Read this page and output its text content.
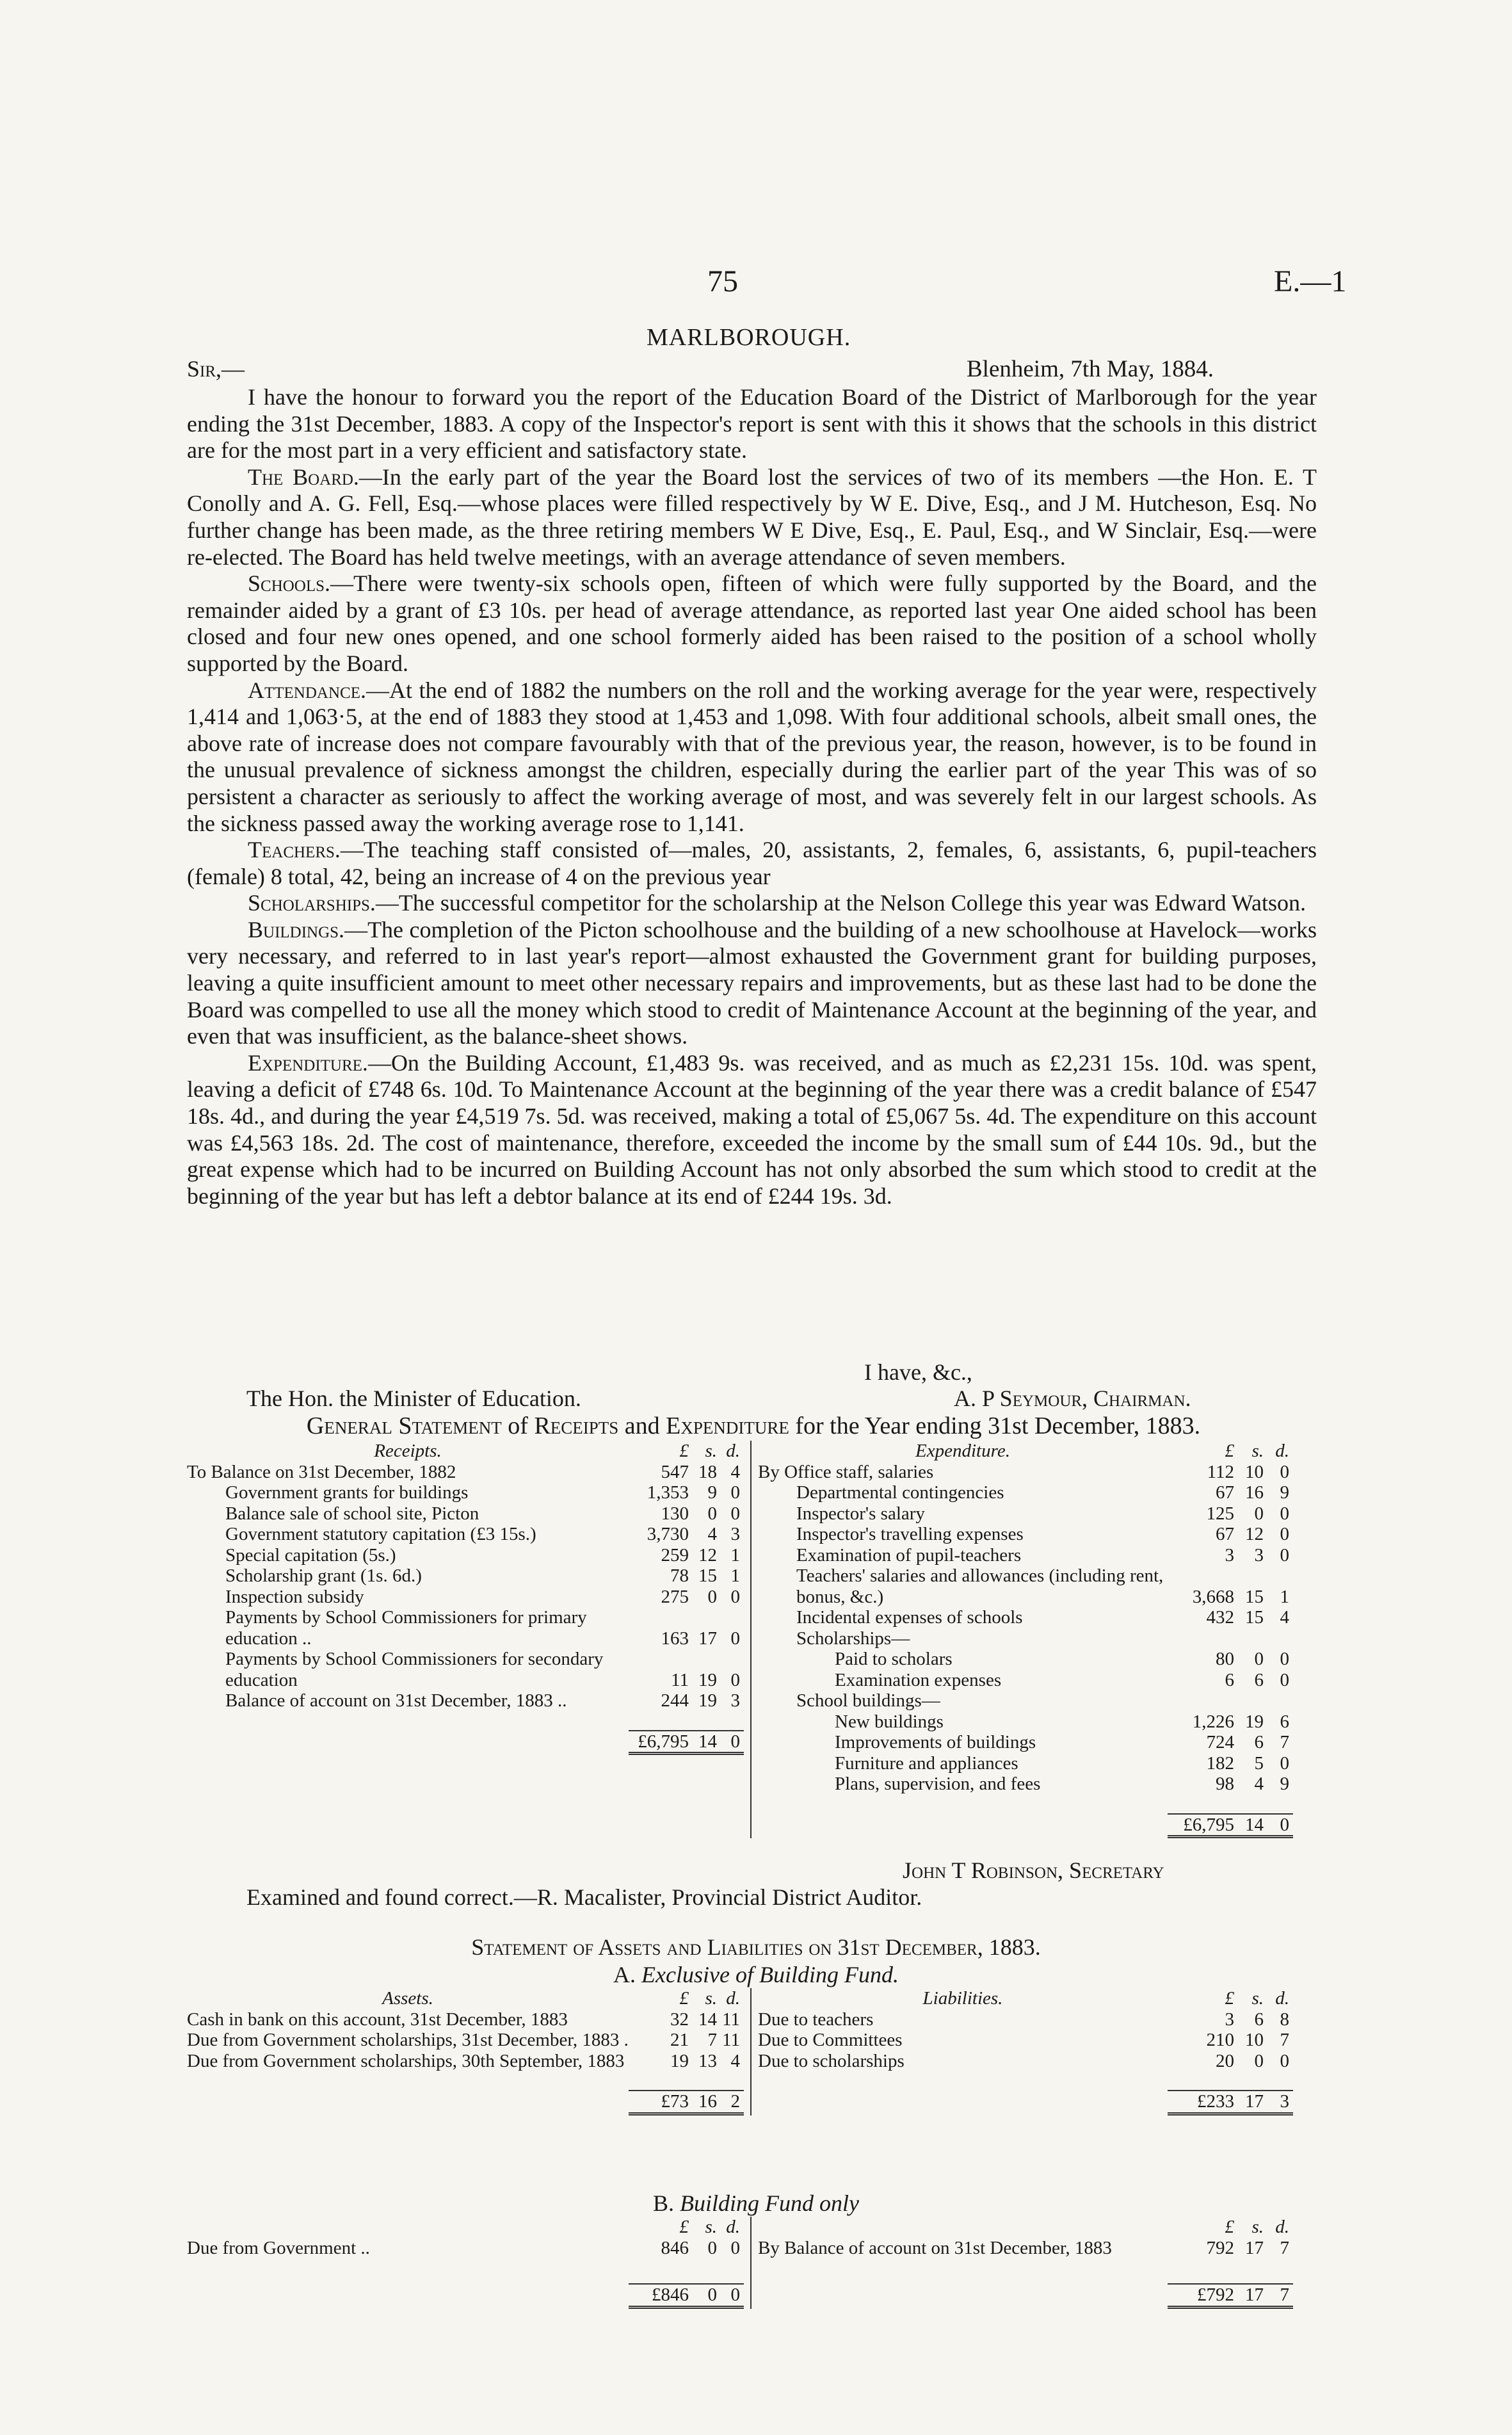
75	E.—1
MARLBOROUGH.
Sir,—	Blenheim, 7th May, 1884.

I have the honour to forward you the report of the Education Board of the District of Marlborough for the year ending the 31st December, 1883. A copy of the Inspector's report is sent with this it shows that the schools in this district are for the most part in a very efficient and satisfactory state.

The Board.—In the early part of the year the Board lost the services of two of its members —the Hon. E. T Conolly and A. G. Fell, Esq.—whose places were filled respectively by W E. Dive, Esq., and J M. Hutcheson, Esq. No further change has been made, as the three retiring members W E Dive, Esq., E. Paul, Esq., and W Sinclair, Esq.—were re-elected. The Board has held twelve meetings, with an average attendance of seven members.

Schools.—There were twenty-six schools open, fifteen of which were fully supported by the Board, and the remainder aided by a grant of £3 10s. per head of average attendance, as reported last year One aided school has been closed and four new ones opened, and one school formerly aided has been raised to the position of a school wholly supported by the Board.

Attendance.—At the end of 1882 the numbers on the roll and the working average for the year were, respectively 1,414 and 1,063·5, at the end of 1883 they stood at 1,453 and 1,098. With four additional schools, albeit small ones, the above rate of increase does not compare favourably with that of the previous year, the reason, however, is to be found in the unusual prevalence of sickness amongst the children, especially during the earlier part of the year This was of so persistent a character as seriously to affect the working average of most, and was severely felt in our largest schools. As the sickness passed away the working average rose to 1,141.

Teachers.—The teaching staff consisted of—males, 20, assistants, 2, females, 6, assistants, 6, pupil-teachers (female) 8 total, 42, being an increase of 4 on the previous year

Scholarships.—The successful competitor for the scholarship at the Nelson College this year was Edward Watson.

Buildings.—The completion of the Picton schoolhouse and the building of a new schoolhouse at Havelock—works very necessary, and referred to in last year's report—almost exhausted the Government grant for building purposes, leaving a quite insufficient amount to meet other necessary repairs and improvements, but as these last had to be done the Board was compelled to use all the money which stood to credit of Maintenance Account at the beginning of the year, and even that was insufficient, as the balance-sheet shows.

Expenditure.—On the Building Account, £1,483 9s. was received, and as much as £2,231 15s. 10d. was spent, leaving a deficit of £748 6s. 10d. To Maintenance Account at the beginning of the year there was a credit balance of £547 18s. 4d., and during the year £4,519 7s. 5d. was received, making a total of £5,067 5s. 4d. The expenditure on this account was £4,563 18s. 2d. The cost of maintenance, therefore, exceeded the income by the small sum of £44 10s. 9d., but the great expense which had to be incurred on Building Account has not only absorbed the sum which stood to credit at the beginning of the year but has left a debtor balance at its end of £244 19s. 3d.

I have, &c.,
The Hon. the Minister of Education.	A. P Seymour, Chairman.
General Statement of Receipts and Expenditure for the Year ending 31st December, 1883.
Receipts.	£	s.	d.
To Balance on 31st December, 1882	547	18	4
Government grants for buildings	1,353	9	0
Balance sale of school site, Picton	130	0	0
Government statutory capitation (£3 15s.)	3,730	4	3
Special capitation (5s.)	259	12	1
Scholarship grant (1s. 6d.)	78	15	1
Inspection subsidy	275	0	0
Payments by School Commissioners for primary education ..	163	17	0
Payments by School Commissioners for secondary education	11	19	0
Balance of account on 31st December, 1883 ..	244	19	3

	£6,795	14	0
Expenditure.	£	s.	d.
By Office staff, salaries	112	10	0
Departmental contingencies	67	16	9
Inspector's salary	125	0	0
Inspector's travelling expenses	67	12	0
Examination of pupil-teachers	3	3	0
Teachers' salaries and allowances (including rent, bonus, &c.)	3,668	15	1
Incidental expenses of schools	432	15	4
Scholarships—			
Paid to scholars	80	0	0
Examination expenses	6	6	0
School buildings—			
New buildings	1,226	19	6
Improvements of buildings	724	6	7
Furniture and appliances	182	5	0
Plans, supervision, and fees	98	4	9

	£6,795	14	0
John T Robinson, Secretary
Examined and found correct.—R. Macalister, Provincial District Auditor.
Statement of Assets and Liabilities on 31st December, 1883.
A. Exclusive of Building Fund.
Assets.	£	s.	d.
Cash in bank on this account, 31st December, 1883	32	14	11
Due from Government scholarships, 31st December, 1883 .	21	7	11
Due from Government scholarships, 30th September, 1883	19	13	4

	£73	16	2
Liabilities.	£	s.	d.
Due to teachers	3	6	8
Due to Committees	210	10	7
Due to scholarships	20	0	0

	£233	17	3
B. Building Fund only
	£	s.	d.
Due from Government ..	846	0	0

	£846	0	0
	£	s.	d.
By Balance of account on 31st December, 1883	792	17	7

	£792	17	7
